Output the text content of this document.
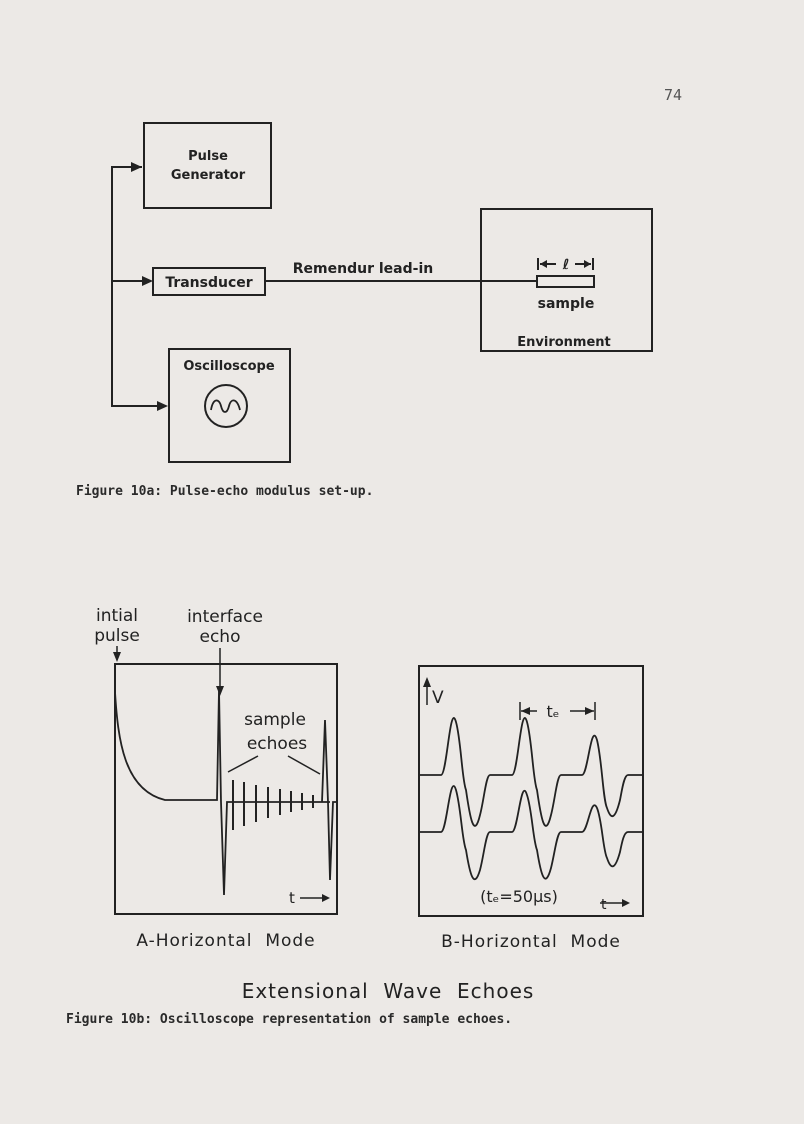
74
Pulse
Generator
Transducer
Remendur lead-in	ℓ
sample
Environment
Oscilloscope
Figure 10a: Pulse-echo modulus set-up.
intial
pulse
interface
echo
sample
echoes
t
A-Horizontal  Mode
V
tₑ
(tₑ=50μs)	t
B-Horizontal  Mode
Extensional  Wave  Echoes
Figure 10b: Oscilloscope representation of sample echoes.
